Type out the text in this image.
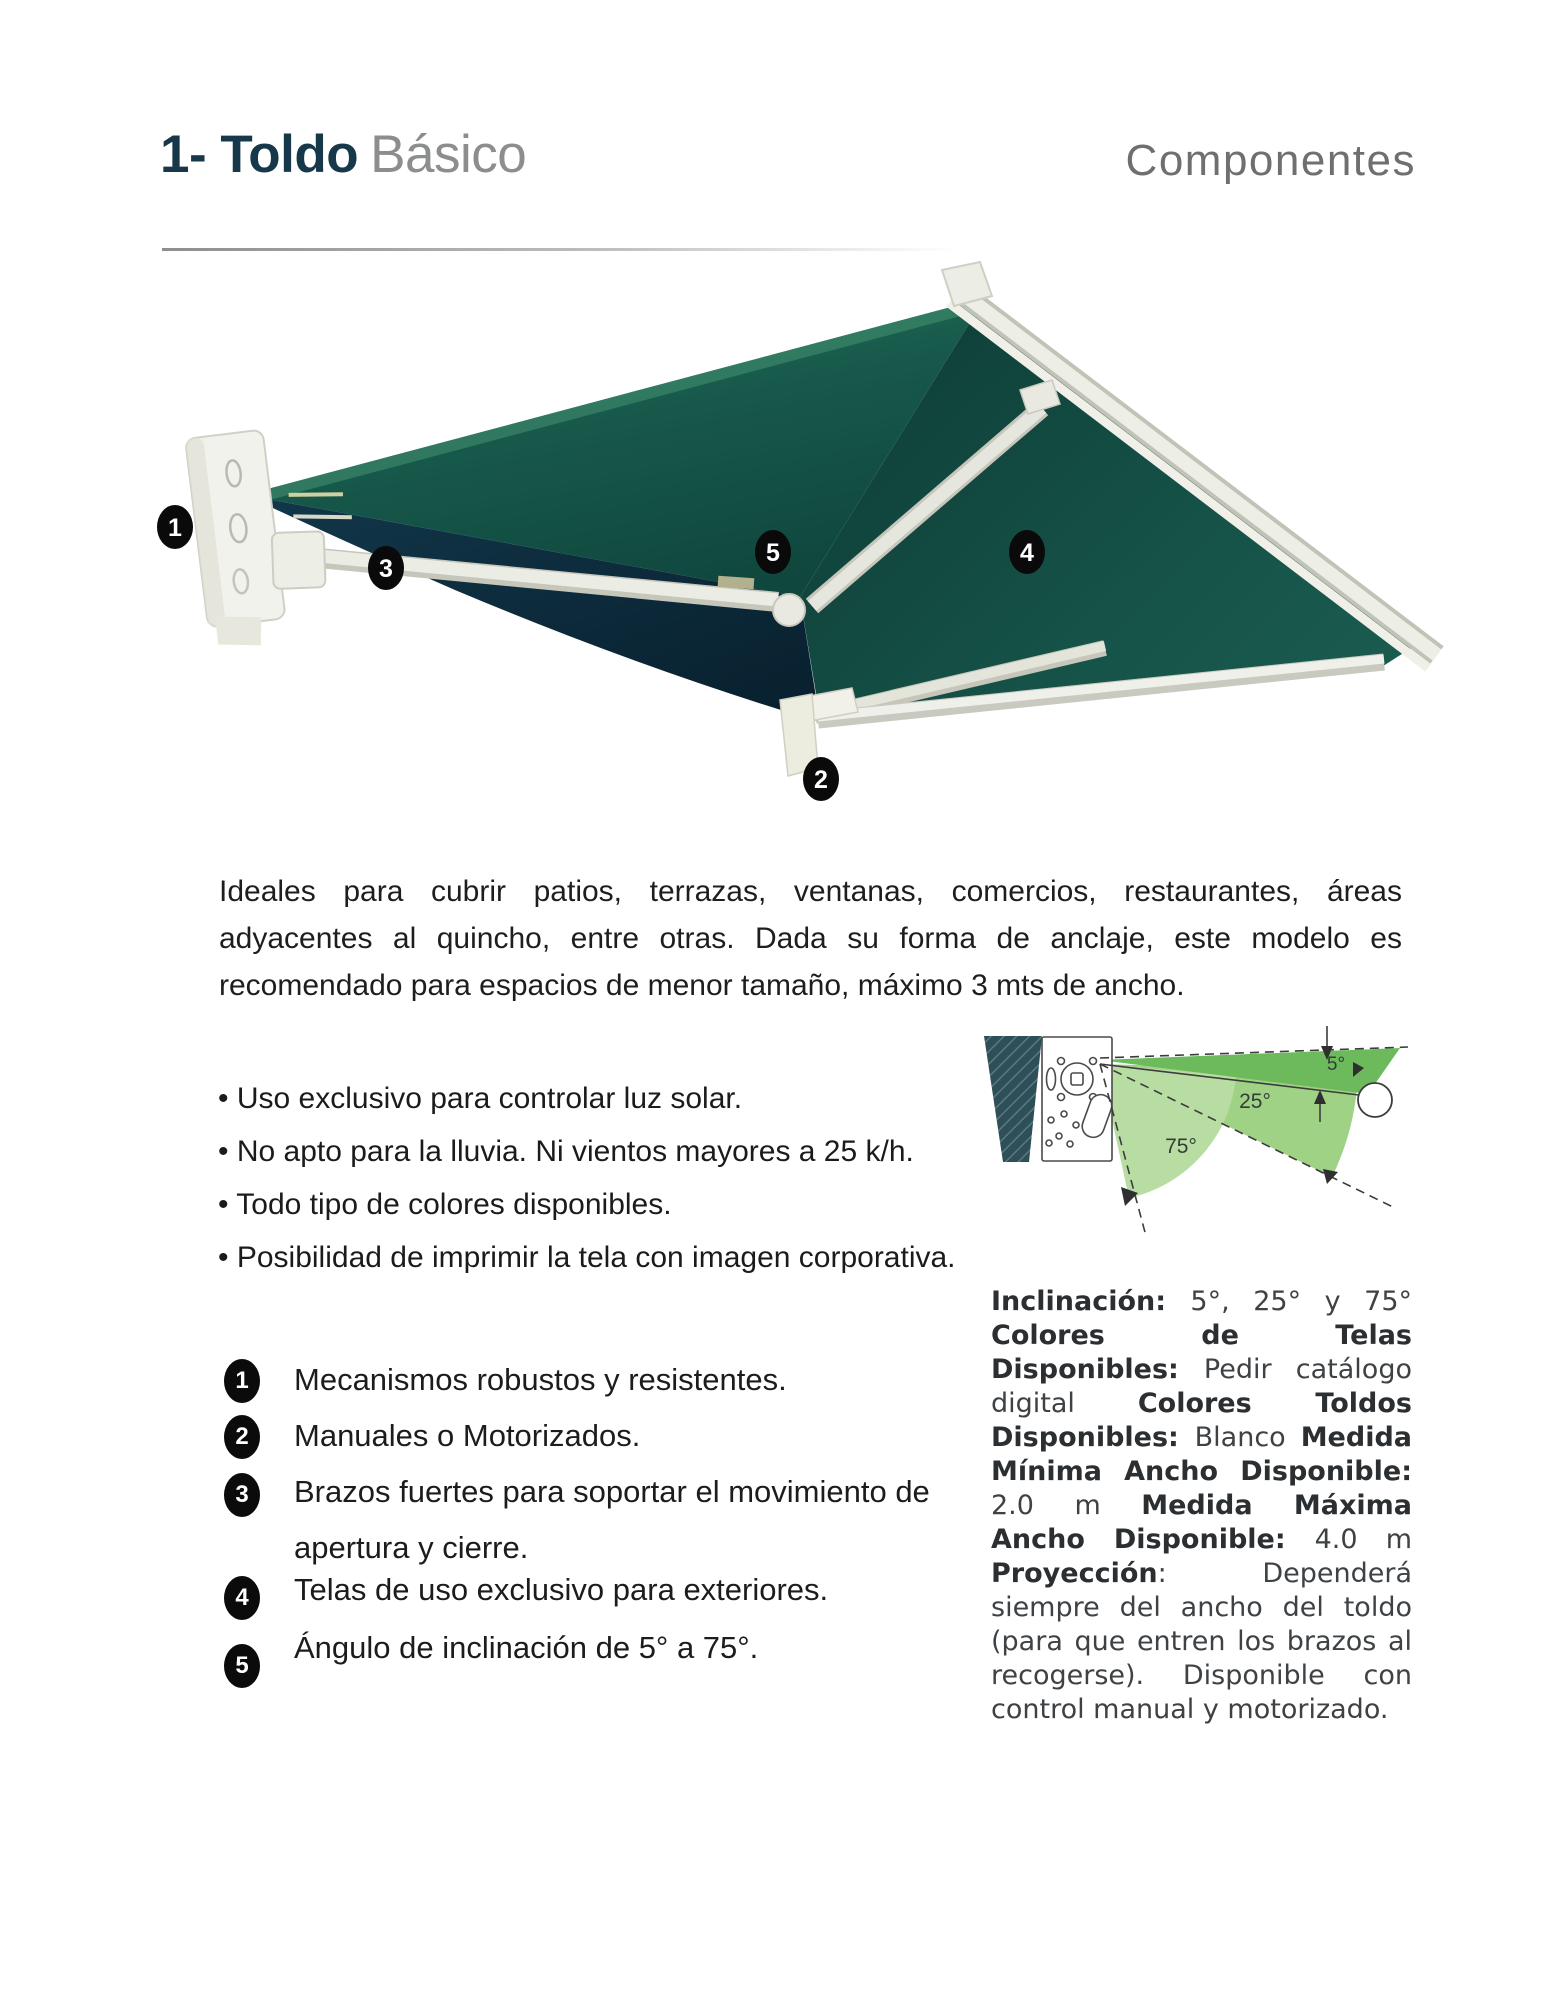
1- Toldo Básico	Componentes
1
3
5	4
2

Ideales para cubrir patios, terrazas, ventanas, comercios, restaurantes, áreas adyacentes al quincho, entre otras. Dada su forma de anclaje, este modelo es recomendado para espacios de menor tamaño, máximo 3 mts de ancho.

• Uso exclusivo para controlar luz solar.
• No apto para la lluvia. Ni vientos mayores a 25 k/h.
• Todo tipo de colores disponibles.
• Posibilidad de imprimir la tela con imagen corporativa.
5°
25°
75°

Inclinación: 5°, 25° y 75° Colores de Telas Disponibles: Pedir catálogo digital Colores Toldos Disponibles: Blanco Medida Mínima Ancho Disponible: 2.0 m Medida Máxima Ancho Disponible: 4.0 m Proyección: Dependerá siempre del ancho del toldo (para que entren los brazos al recogerse). Disponible con control manual y motorizado.

1	Mecanismos robustos y resistentes.
2	Manuales o Motorizados.
3	Brazos fuertes para soportar el movimiento de apertura y cierre.
4	Telas de uso exclusivo para exteriores.
5
Ángulo de inclinación de 5° a 75°.
